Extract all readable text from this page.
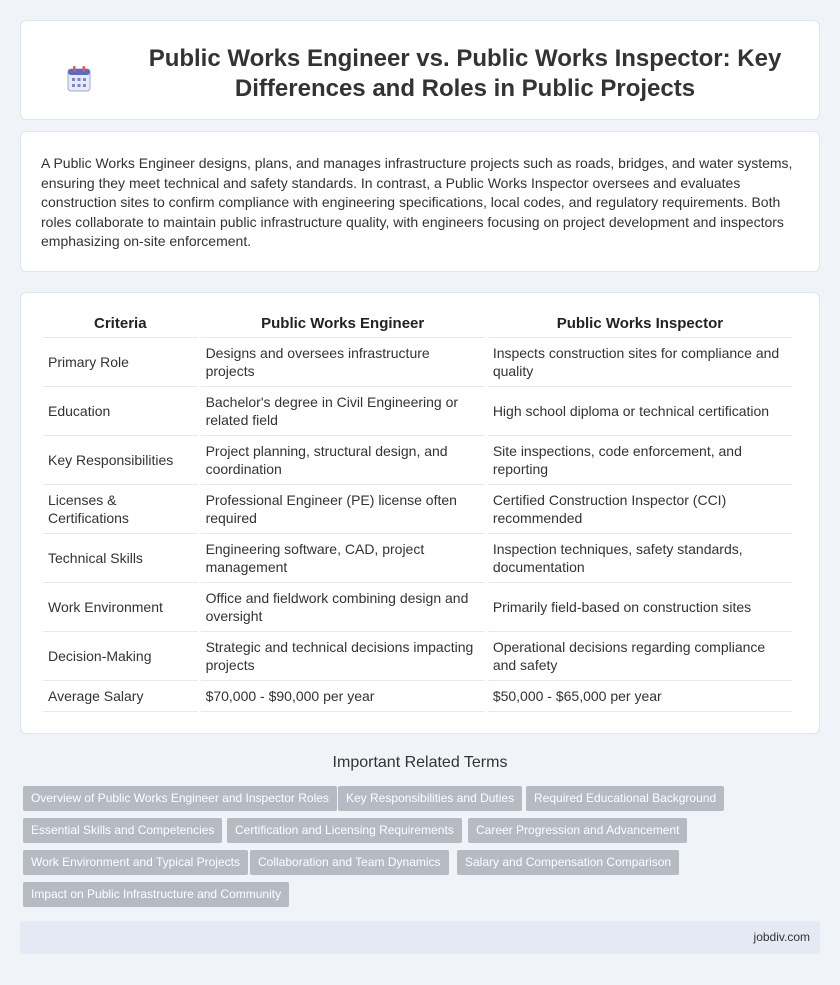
Public Works Engineer vs. Public Works Inspector: Key Differences and Roles in Public Projects

A Public Works Engineer designs, plans, and manages infrastructure projects such as roads, bridges, and water systems, ensuring they meet technical and safety standards. In contrast, a Public Works Inspector oversees and evaluates construction sites to confirm compliance with engineering specifications, local codes, and regulatory requirements. Both roles collaborate to maintain public infrastructure quality, with engineers focusing on project development and inspectors emphasizing on-site enforcement.

Criteria	Public Works Engineer	Public Works Inspector
Primary Role	Designs and oversees infrastructure projects	Inspects construction sites for compliance and quality
Education	Bachelor's degree in Civil Engineering or related field	High school diploma or technical certification
Key Responsibilities	Project planning, structural design, and coordination	Site inspections, code enforcement, and reporting
Licenses & Certifications	Professional Engineer (PE) license often required	Certified Construction Inspector (CCI) recommended
Technical Skills	Engineering software, CAD, project management	Inspection techniques, safety standards, documentation
Work Environment	Office and fieldwork combining design and oversight	Primarily field-based on construction sites
Decision-Making	Strategic and technical decisions impacting projects	Operational decisions regarding compliance and safety
Average Salary	$70,000 - $90,000 per year	$50,000 - $65,000 per year
Important Related Terms
Overview of Public Works Engineer and Inspector Roles	Key Responsibilities and Duties	Required Educational Background
Essential Skills and Competencies	Certification and Licensing Requirements	Career Progression and Advancement
Work Environment and Typical Projects	Collaboration and Team Dynamics	Salary and Compensation Comparison
Impact on Public Infrastructure and Community
jobdiv.com
